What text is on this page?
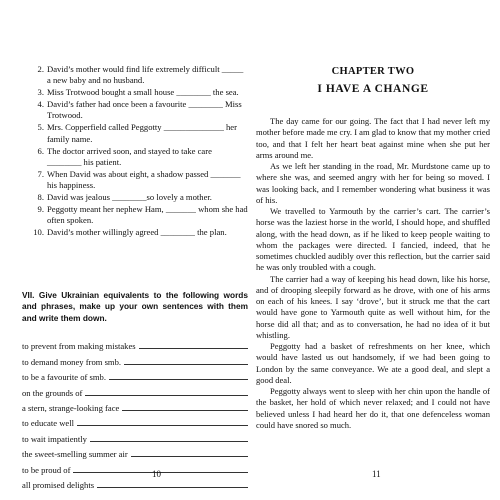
2. David’s mother would find life extremely difficult _____ a new baby and no husband.
3. Miss Trotwood bought a small house ________ the sea.
4. David’s father had once been a favourite ________ Miss Trotwood.
5. Mrs. Copperfield called Peggotty ______________ her family name.
6. The doctor arrived soon, and stayed to take care ________ his patient.
7. When David was about eight, a shadow passed _______ his happiness.
8. David was jealous ________so lovely a mother.
9. Peggotty meant her nephew Ham, _______ whom she had often spoken.
10. David’s mother willingly agreed ________ the plan.
VII. Give Ukrainian equivalents to the following words and phrases, make up your own sentences with them and write them down.
to prevent from making mistakes
to demand money from smb.
to be a favourite of smb.
on the grounds of
a stern, strange-looking face
to educate well
to wait impatiently
the sweet-smelling summer air
to be proud of
all promised delights
10
CHAPTER TWO
I HAVE A CHANGE

The day came for our going. The fact that I had never left my mother before made me cry. I am glad to know that my mother cried too, and that I felt her heart beat against mine when she put her arms around me.

As we left her standing in the road, Mr. Murdstone came up to where she was, and seemed angry with her for being so moved. I was looking back, and I remember wondering what business it was of his.

We travelled to Yarmouth by the carrier’s cart. The carrier’s horse was the laziest horse in the world, I should hope, and shuffled along, with the head down, as if he liked to keep people waiting to whom the packages were directed. I fancied, indeed, that he sometimes chuckled audibly over this reflection, but the carrier said he was only troubled with a cough.

The carrier had a way of keeping his head down, like his horse, and of drooping sleepily forward as he drove, with one of his arms on each of his knees. I say ‘drove’, but it struck me that the cart would have gone to Yarmouth quite as well without him, for the horse did all that; and as to conversation, he had no idea of it but whistling.

Peggotty had a basket of refreshments on her knee, which would have lasted us out handsomely, if we had been going to London by the same conveyance. We ate a good deal, and slept a good deal.

Peggotty always went to sleep with her chin upon the handle of the basket, her hold of which never relaxed; and I could not have believed unless I had heard her do it, that one defenceless woman could have snored so much.

11
